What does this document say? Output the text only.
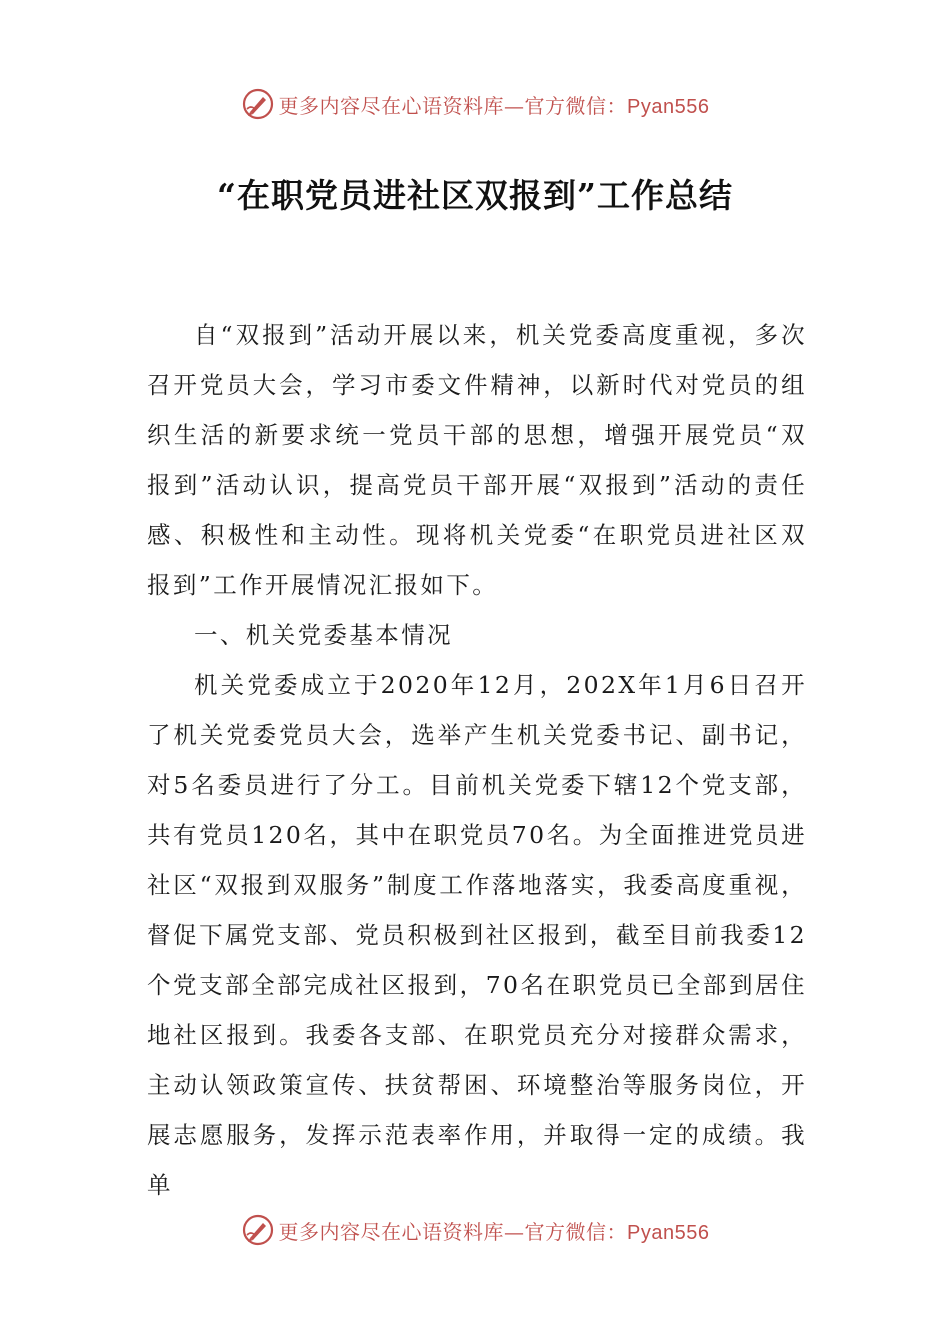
更多内容尽在心语资料库—官方微信：Pyan556
“在职党员进社区双报到”工作总结

自“双报到”活动开展以来，机关党委高度重视，多次召开党员大会，学习市委文件精神，以新时代对党员的组织生活的新要求统一党员干部的思想，增强开展党员“双报到”活动认识，提高党员干部开展“双报到”活动的责任感、积极性和主动性。现将机关党委“在职党员进社区双报到”工作开展情况汇报如下。

一、机关党委基本情况

机关党委成立于2020年12月，202X年1月6日召开了机关党委党员大会，选举产生机关党委书记、副书记，对5名委员进行了分工。目前机关党委下辖12个党支部，共有党员120名，其中在职党员70名。为全面推进党员进社区“双报到双服务”制度工作落地落实，我委高度重视，督促下属党支部、党员积极到社区报到，截至目前我委12个党支部全部完成社区报到，70名在职党员已全部到居住地社区报到。我委各支部、在职党员充分对接群众需求，主动认领政策宣传、扶贫帮困、环境整治等服务岗位，开展志愿服务，发挥示范表率作用，并取得一定的成绩。我单

更多内容尽在心语资料库—官方微信：Pyan556
